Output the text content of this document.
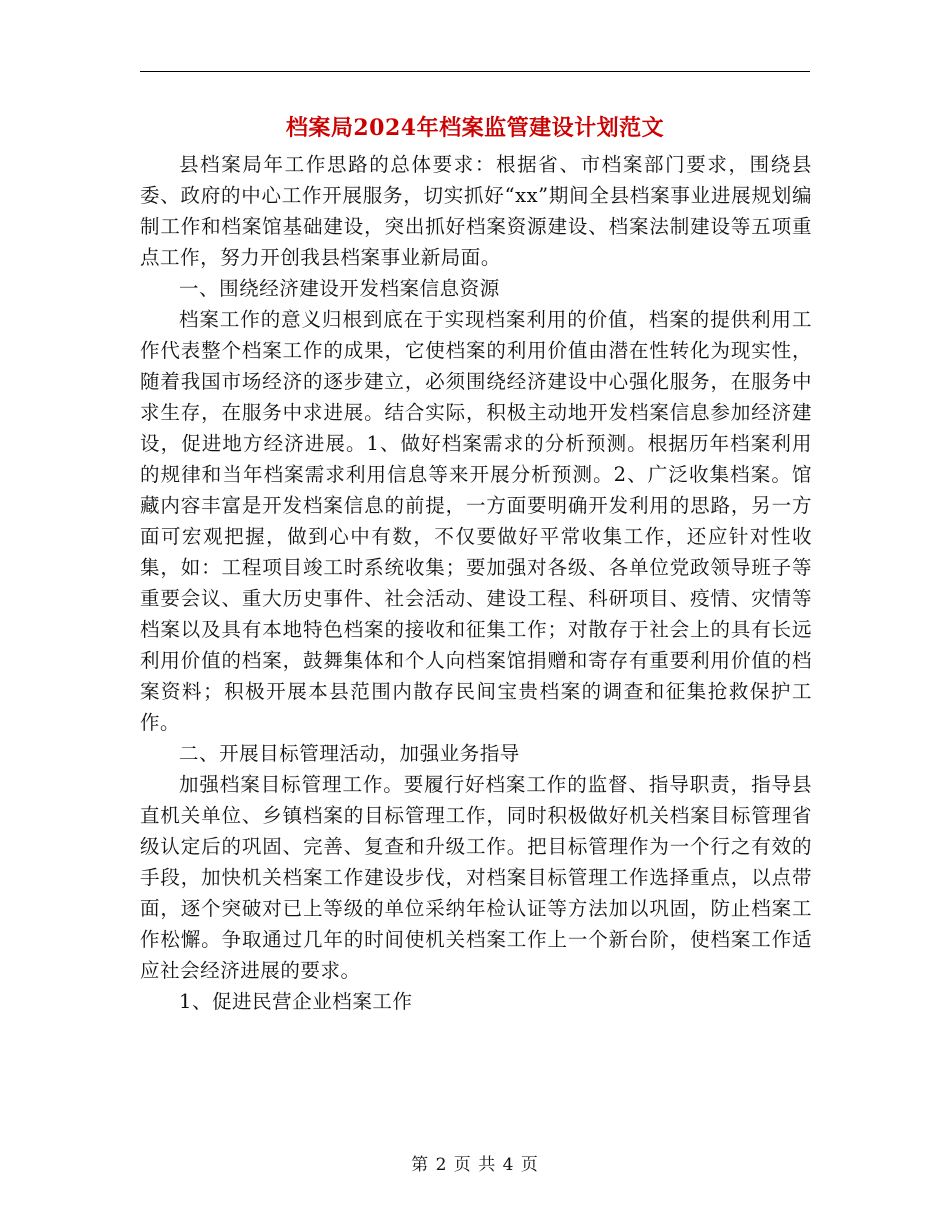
档案局2024年档案监管建设计划范文

县档案局年工作思路的总体要求：根据省、市档案部门要求，围绕县委、政府的中心工作开展服务，切实抓好“xx”期间全县档案事业进展规划编制工作和档案馆基础建设，突出抓好档案资源建设、档案法制建设等五项重点工作，努力开创我县档案事业新局面。

一、围绕经济建设开发档案信息资源

档案工作的意义归根到底在于实现档案利用的价值，档案的提供利用工作代表整个档案工作的成果，它使档案的利用价值由潜在性转化为现实性，随着我国市场经济的逐步建立，必须围绕经济建设中心强化服务，在服务中求生存，在服务中求进展。结合实际，积极主动地开发档案信息参加经济建设，促进地方经济进展。1、做好档案需求的分析预测。根据历年档案利用的规律和当年档案需求利用信息等来开展分析预测。2、广泛收集档案。馆藏内容丰富是开发档案信息的前提，一方面要明确开发利用的思路，另一方面可宏观把握，做到心中有数，不仅要做好平常收集工作，还应针对性收集，如：工程项目竣工时系统收集；要加强对各级、各单位党政领导班子等重要会议、重大历史事件、社会活动、建设工程、科研项目、疫情、灾情等档案以及具有本地特色档案的接收和征集工作；对散存于社会上的具有长远利用价值的档案，鼓舞集体和个人向档案馆捐赠和寄存有重要利用价值的档案资料；积极开展本县范围内散存民间宝贵档案的调查和征集抢救保护工作。

二、开展目标管理活动，加强业务指导

加强档案目标管理工作。要履行好档案工作的监督、指导职责，指导县直机关单位、乡镇档案的目标管理工作，同时积极做好机关档案目标管理省级认定后的巩固、完善、复查和升级工作。把目标管理作为一个行之有效的手段，加快机关档案工作建设步伐，对档案目标管理工作选择重点，以点带面，逐个突破对已上等级的单位采纳年检认证等方法加以巩固，防止档案工作松懈。争取通过几年的时间使机关档案工作上一个新台阶，使档案工作适应社会经济进展的要求。

1、促进民营企业档案工作

第 2 页 共 4 页
